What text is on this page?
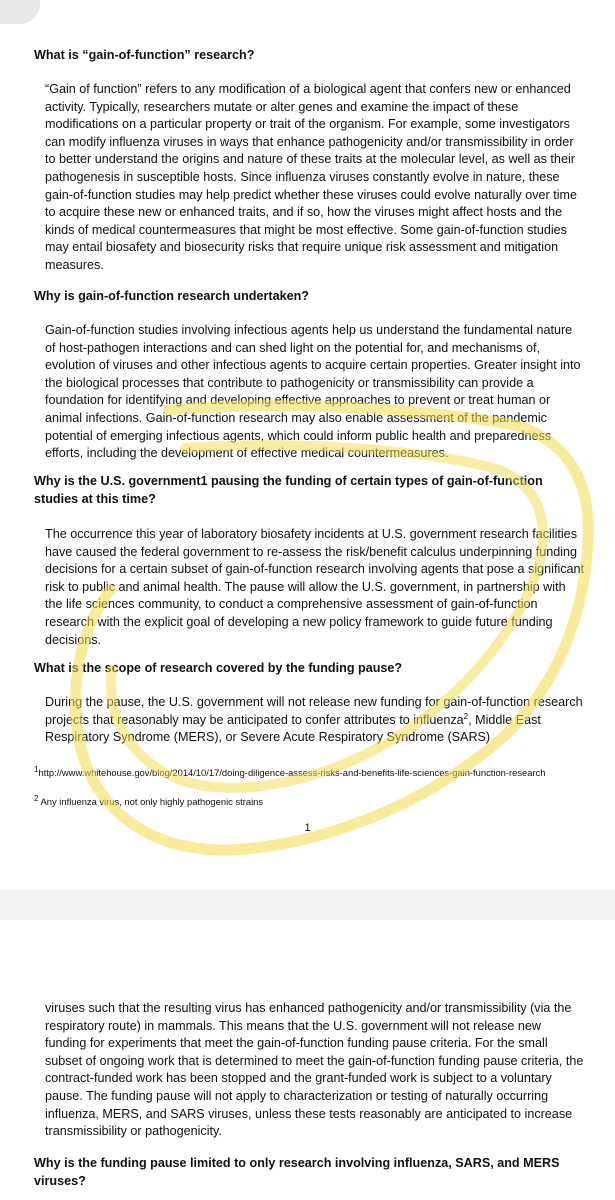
What is “gain-of-function” research?

“Gain of function” refers to any modification of a biological agent that confers new or enhanced activity. Typically, researchers mutate or alter genes and examine the impact of these modifications on a particular property or trait of the organism. For example, some investigators can modify influenza viruses in ways that enhance pathogenicity and/or transmissibility in order to better understand the origins and nature of these traits at the molecular level, as well as their pathogenesis in susceptible hosts. Since influenza viruses constantly evolve in nature, these gain-of-function studies may help predict whether these viruses could evolve naturally over time to acquire these new or enhanced traits, and if so, how the viruses might affect hosts and the kinds of medical countermeasures that might be most effective. Some gain-of-function studies may entail biosafety and biosecurity risks that require unique risk assessment and mitigation measures.

Why is gain-of-function research undertaken?

Gain-of-function studies involving infectious agents help us understand the fundamental nature of host-pathogen interactions and can shed light on the potential for, and mechanisms of, evolution of viruses and other infectious agents to acquire certain properties. Greater insight into the biological processes that contribute to pathogenicity or transmissibility can provide a foundation for identifying and developing effective approaches to prevent or treat human or animal infections. Gain-of-function research may also enable assessment of the pandemic potential of emerging infectious agents, which could inform public health and preparedness efforts, including the development of effective medical countermeasures.

Why is the U.S. government1 pausing the funding of certain types of gain-of-function studies at this time?

The occurrence this year of laboratory biosafety incidents at U.S. government research facilities have caused the federal government to re-assess the risk/benefit calculus underpinning funding decisions for a certain subset of gain-of-function research involving agents that pose a significant risk to public and animal health. The pause will allow the U.S. government, in partnership with the life sciences community, to conduct a comprehensive assessment of gain-of-function research with the explicit goal of developing a new policy framework to guide future funding decisions.

What is the scope of research covered by the funding pause?

During the pause, the U.S. government will not release new funding for gain-of-function research projects that reasonably may be anticipated to confer attributes to influenza$^2$, Middle East Respiratory Syndrome (MERS), or Severe Acute Respiratory Syndrome (SARS)

$^1$http://www.whitehouse.gov/blog/2014/10/17/doing-diligence-assess-risks-and-benefits-life-sciences-gain-function-research

$^2$ Any influenza virus, not only highly pathogenic strains

1

viruses such that the resulting virus has enhanced pathogenicity and/or transmissibility (via the respiratory route) in mammals. This means that the U.S. government will not release new funding for experiments that meet the gain-of-function funding pause criteria. For the small subset of ongoing work that is determined to meet the gain-of-function funding pause criteria, the contract-funded work has been stopped and the grant-funded work is subject to a voluntary pause. The funding pause will not apply to characterization or testing of naturally occurring influenza, MERS, and SARS viruses, unless these tests reasonably are anticipated to increase transmissibility or pathogenicity.

Why is the funding pause limited to only research involving influenza, SARS, and MERS viruses?
